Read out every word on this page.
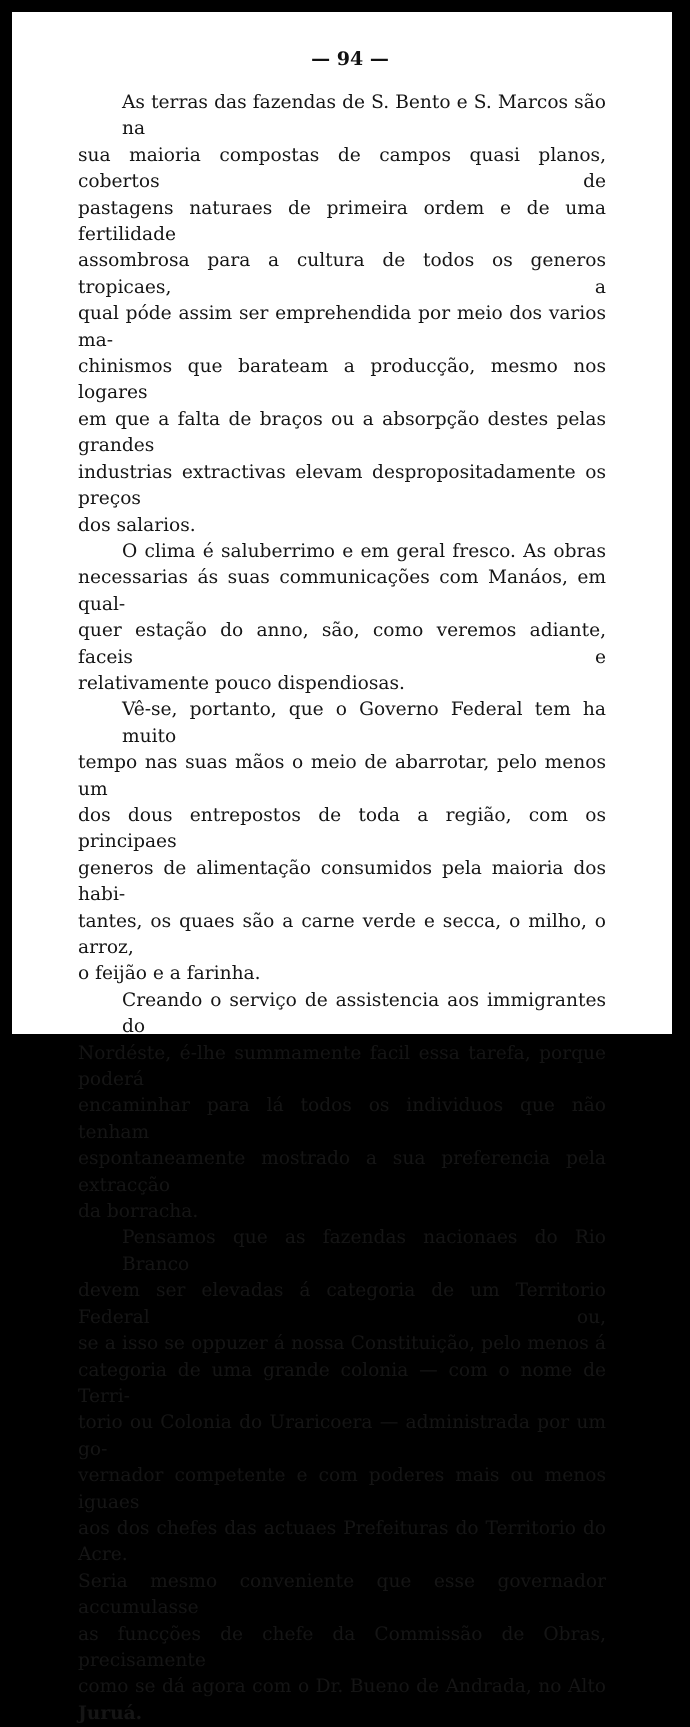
— 94 —

As terras das fazendas de S. Bento e S. Marcos são na
sua maioria compostas de campos quasi planos, cobertos de
pastagens naturaes de primeira ordem e de uma fertilidade
assombrosa para a cultura de todos os generos tropicaes, a
qual póde assim ser emprehendida por meio dos varios ma-
chinismos que barateam a producção, mesmo nos logares
em que a falta de braços ou a absorpção destes pelas grandes
industrias extractivas elevam despropositadamente os preços
dos salarios.

O clima é saluberrimo e em geral fresco. As obras
necessarias ás suas communicações com Manáos, em qual-
quer estação do anno, são, como veremos adiante, faceis e
relativamente pouco dispendiosas.

Vê-se, portanto, que o Governo Federal tem ha muito
tempo nas suas mãos o meio de abarrotar, pelo menos um
dos dous entrepostos de toda a região, com os principaes
generos de alimentação consumidos pela maioria dos habi-
tantes, os quaes são a carne verde e secca, o milho, o arroz,
o feijão e a farinha.

Creando o serviço de assistencia aos immigrantes do
Nordéste, é-lhe summamente facil essa tarefa, porque poderá
encaminhar para lá todos os individuos que não tenham
espontaneamente mostrado a sua preferencia pela extracção
da borracha.

Pensamos que as fazendas nacionaes do Rio Branco
devem ser elevadas á categoria de um Territorio Federal ou,
se a isso se oppuzer á nossa Constituição, pelo menos á
categoria de uma grande colonia — com o nome de Terri-
torio ou Colonia do Uraricoera — administrada por um go-
vernador competente e com poderes mais ou menos iguaes
aos dos chefes das actuaes Prefeituras do Territorio do Acre.
Seria mesmo conveniente que esse governador accumulasse
as funcções de chefe da Commissão de Obras, precisamente
como se dá agora com o Dr. Bueno de Andrada, no Alto
Juruá.
